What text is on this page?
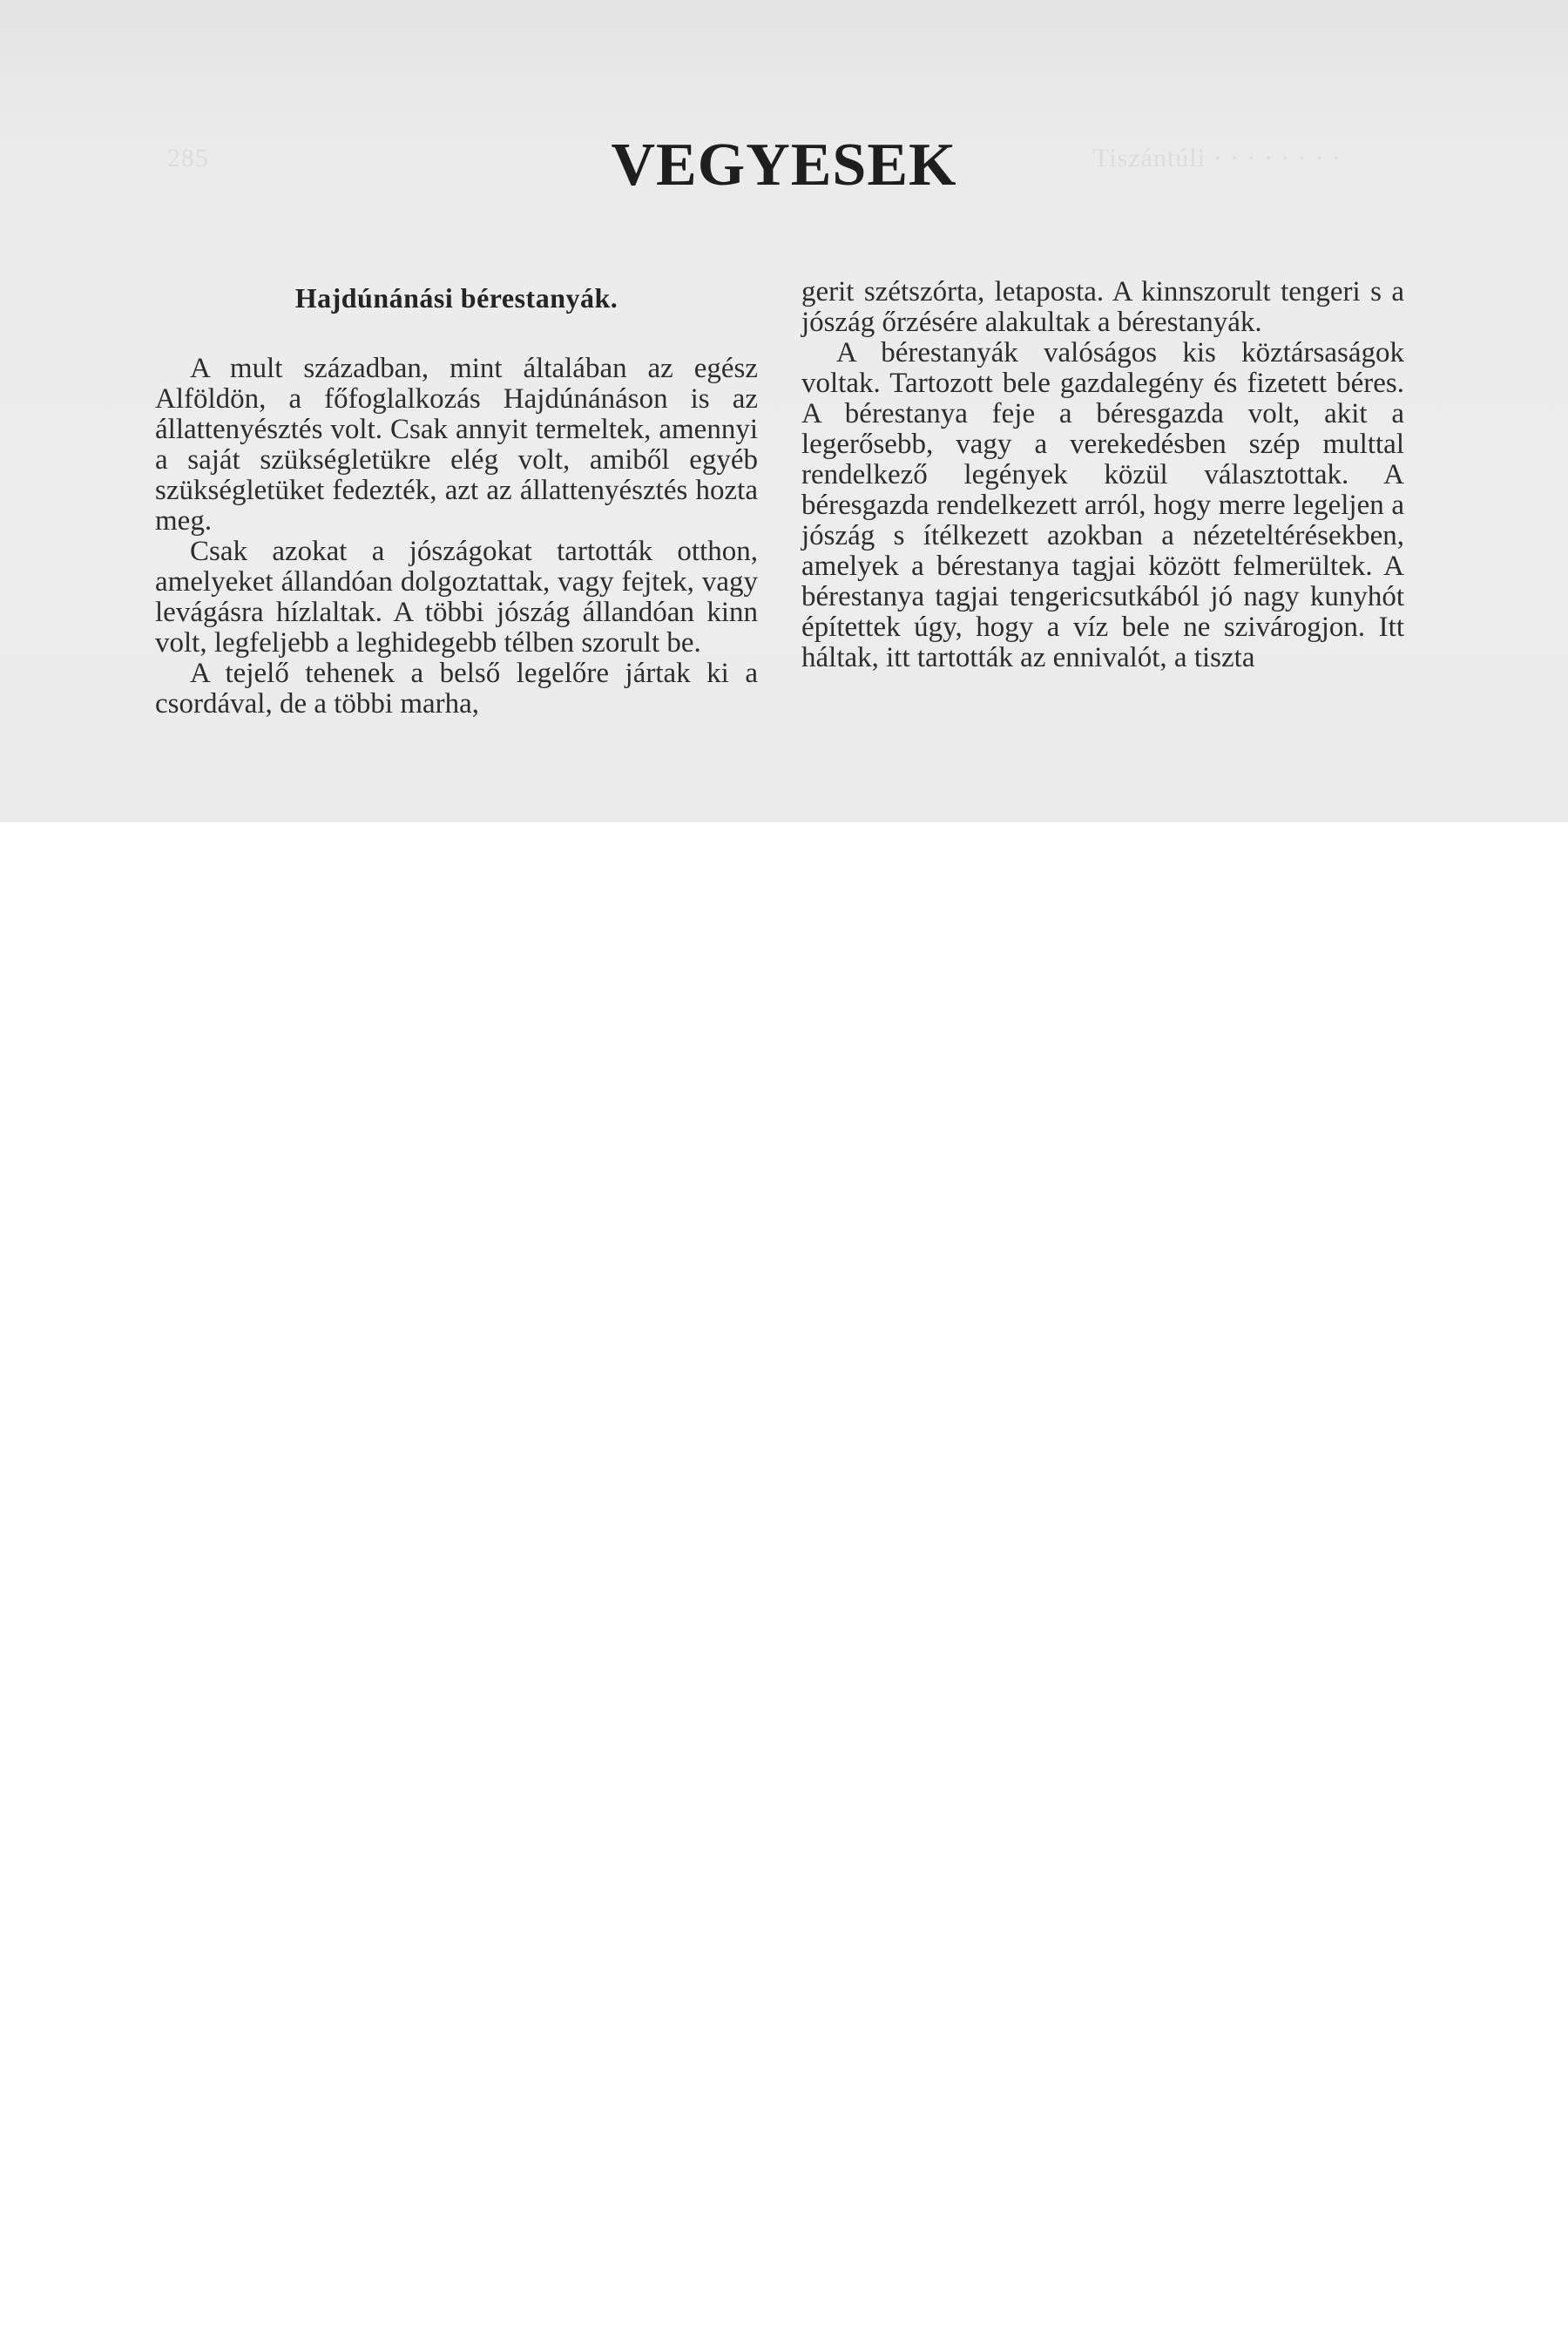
285	Tiszántúli · · · · · · · ·
VEGYESEK
Hajdúnánási bérestanyák.

A mult században, mint általában az egész Alföldön, a főfoglalkozás Hajdúnánáson is az állattenyésztés volt. Csak annyit termeltek, amennyi a saját szükségletükre elég volt, amiből egyéb szükségletüket fedezték, azt az állattenyésztés hozta meg.

Csak azokat a jószágokat tartották otthon, amelyeket állandóan dolgoztattak, vagy fejtek, vagy levágásra hízlaltak. A többi jószág állandóan kinn volt, legfeljebb a leghidegebb télben szorult be.

A tejelő tehenek a belső legelőre jártak ki a csordával, de a többi marha,

gerit szétszórta, letaposta. A kinnszorult tengeri s a jószág őrzésére alakultak a bérestanyák.

A bérestanyák valóságos kis köztársaságok voltak. Tartozott bele gazdalegény és fizetett béres. A bérestanya feje a béresgazda volt, akit a legerősebb, vagy a verekedésben szép multtal rendelkező legények közül választottak. A béresgazda rendelkezett arról, hogy merre legeljen a jószág s ítélkezett azokban a nézeteltérésekben, amelyek a bérestanya tagjai között felmerültek. A bérestanya tagjai tengericsutkából jó nagy kunyhót építettek úgy, hogy a víz bele ne szivárogjon. Itt háltak, itt tartották az ennivalót, a tiszta
